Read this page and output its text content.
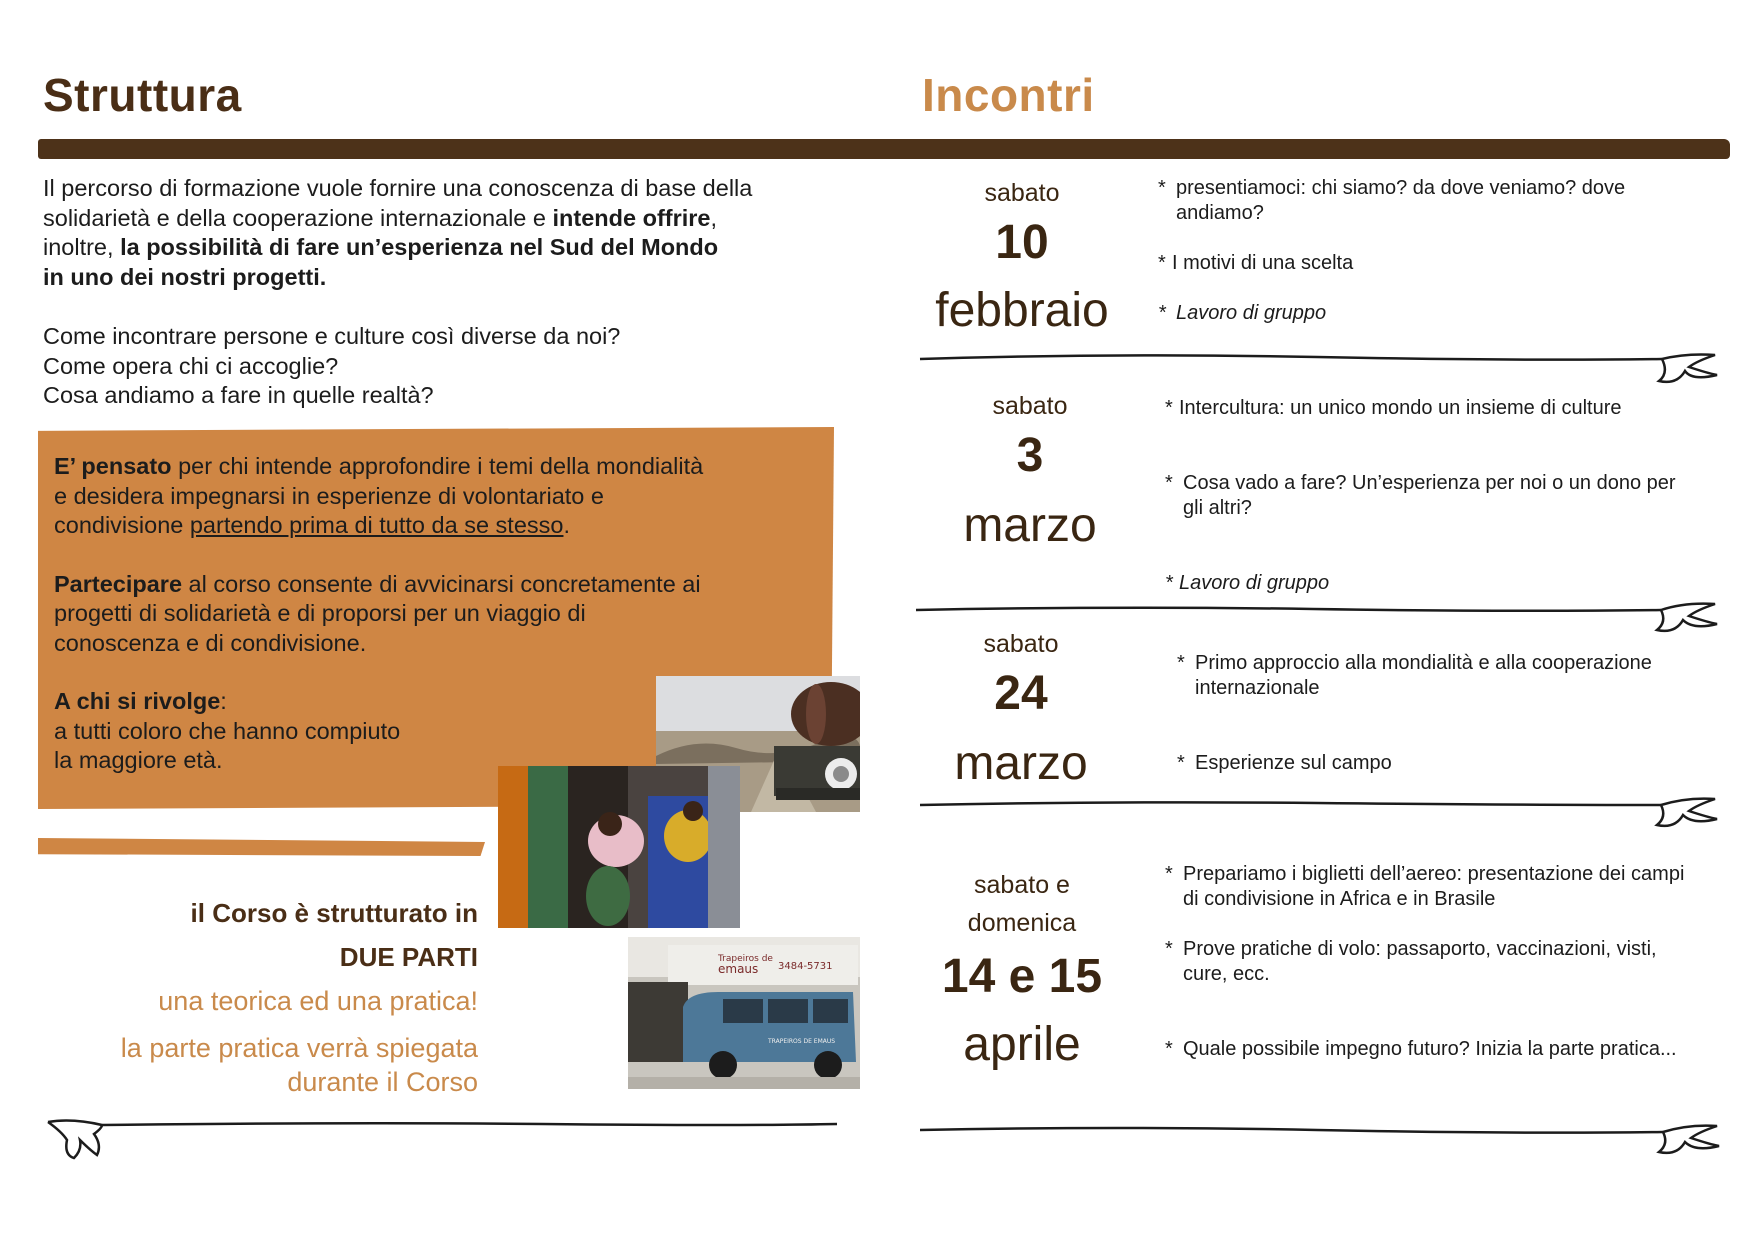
Struttura	Incontri

Il percorso di formazione vuole fornire una conoscenza di base della

solidarietà e della cooperazione internazionale e intende offrire,

inoltre, la possibilità di fare un’esperienza nel Sud del Mondo

in uno dei nostri progetti.

Come incontrare persone e culture così diverse da noi?
Come opera chi ci accoglie?
Cosa andiamo a fare in quelle realtà?

E’ pensato per chi intende approfondire i temi della mondialità
e desidera impegnarsi in esperienze di volontariato e
condivisione partendo prima di tutto da se stesso.

Partecipare al corso consente di avvicinarsi concretamente ai
progetti di solidarietà e di proporsi per un viaggio di
conoscenza e di condivisione.

A chi si rivolge:
a tutti coloro che hanno compiuto
la maggiore età.

il Corso è strutturato in
DUE PARTI
una teorica ed una pratica!
la parte pratica verrà spiegata
durante il Corso
Trapeiros de
emaus 3484-5731
TRAPEIROS DE EMAUS
sabato
10
febbraio
* presentiamoci: chi siamo? da dove veniamo? dove
andiamo?
* I motivi di una scelta
* Lavoro di gruppo
sabato
3
marzo
* Intercultura: un unico mondo un insieme di culture
* Cosa vado a fare? Un’esperienza per noi o un dono per
gli altri?
* Lavoro di gruppo
sabato
24
marzo
* Primo approccio alla mondialità e alla cooperazione
internazionale
* Esperienze sul campo
sabato e
domenica
14 e 15
aprile
* Prepariamo i biglietti dell’aereo: presentazione dei campi
di condivisione in Africa e in Brasile
* Prove pratiche di volo: passaporto, vaccinazioni, visti,
cure, ecc.
* Quale possibile impegno futuro? Inizia la parte pratica...
